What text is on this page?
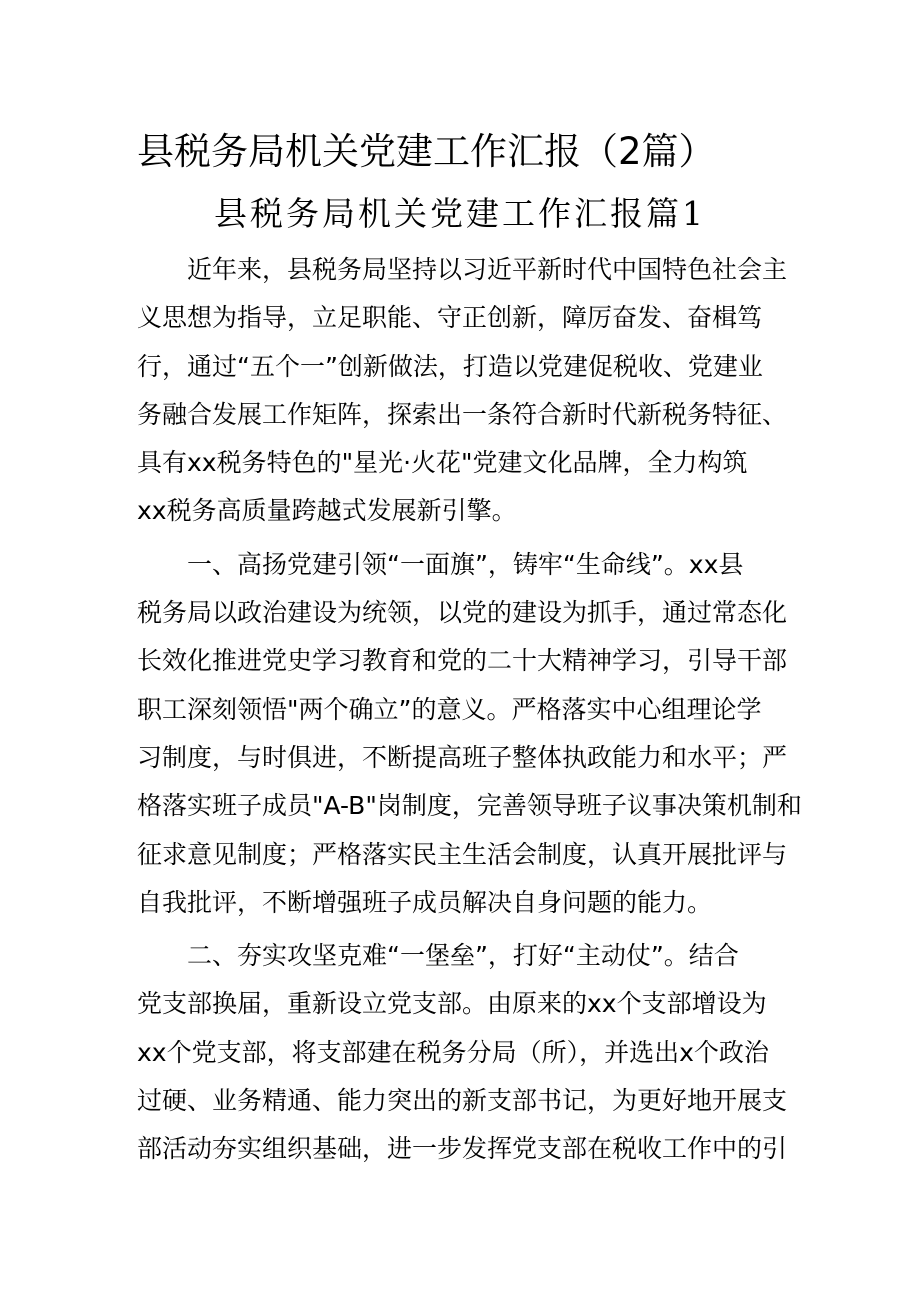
县税务局机关党建工作汇报（2篇）
县税务局机关党建工作汇报篇1
　　近年来，县税务局坚持以习近平新时代中国特色社会主
义思想为指导，立足职能、守正创新，障厉奋发、奋楫笃
行，通过“五个一”创新做法，打造以党建促税收、党建业
务融合发展工作矩阵，探索出一条符合新时代新税务特征、
具有xx税务特色的"星光·火花"党建文化品牌，全力构筑
xx税务高质量跨越式发展新引擎。
　　一、高扬党建引领“一面旗”，铸牢“生命线”。xx县
税务局以政治建设为统领，以党的建设为抓手，通过常态化
长效化推进党史学习教育和党的二十大精神学习，引导干部
职工深刻领悟"两个确立”的意义。严格落实中心组理论学
习制度，与时俱进，不断提高班子整体执政能力和水平；严
格落实班子成员"A-B"岗制度，完善领导班子议事决策机制和
征求意见制度；严格落实民主生活会制度，认真开展批评与
自我批评，不断增强班子成员解决自身问题的能力。
　　二、夯实攻坚克难“一堡垒”，打好“主动仗”。结合
党支部换届，重新设立党支部。由原来的xx个支部增设为
xx个党支部，将支部建在税务分局（所），并选出x个政治
过硬、业务精通、能力突出的新支部书记，为更好地开展支
部活动夯实组织基础，进一步发挥党支部在税收工作中的引
